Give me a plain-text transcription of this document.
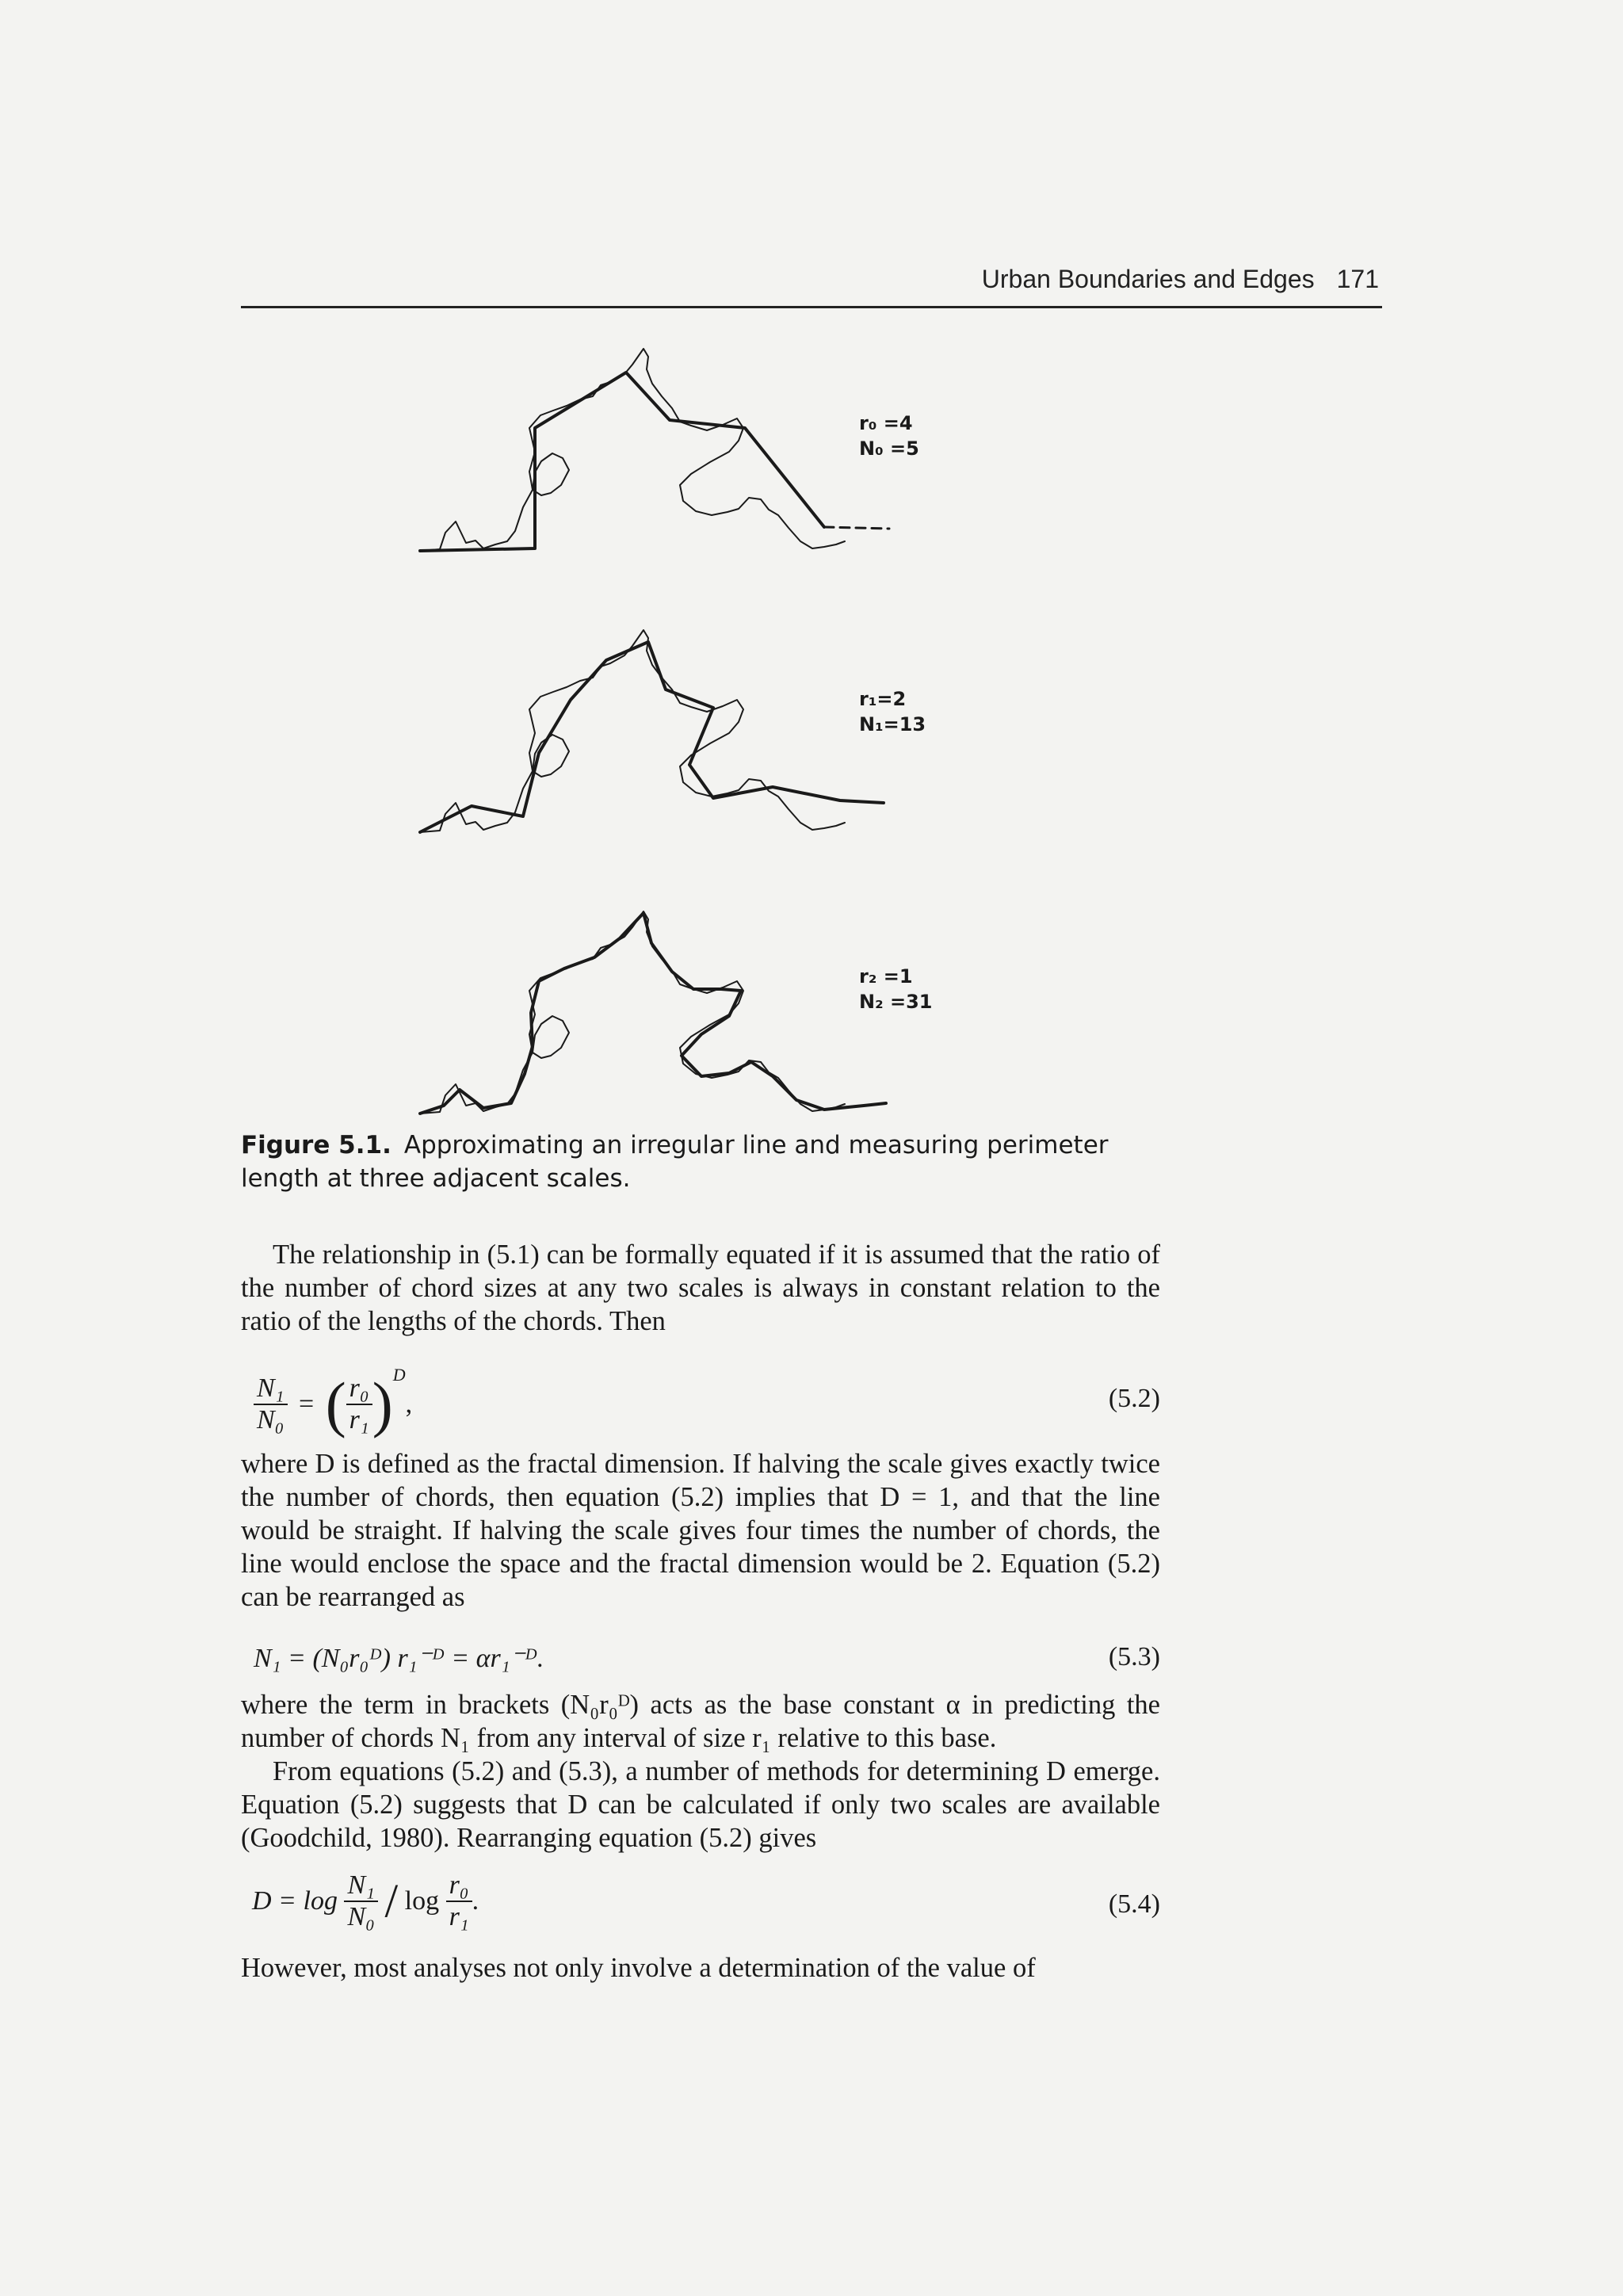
Urban Boundaries and Edges 171
r₀ =4
N₀ =5
r₁=2
N₁=13
r₂ =1
N₂ =31
Figure 5.1. Approximating an irregular line and measuring perimeter length at three adjacent scales.

The relationship in (5.1) can be formally equated if it is assumed that the ratio of the number of chord sizes at any two scales is always in constant relation to the ratio of the lengths of the chords. Then

$\frac{\text{N₁}}{\text{N₀}}$ = ( $\frac{\text{r₀}}{\text{r₁}} )^D$,	(5.2)

where D is defined as the fractal dimension. If halving the scale gives exactly twice the number of chords, then equation (5.2) implies that D = 1, and that the line would be straight. If halving the scale gives four times the number of chords, the line would enclose the space and the fractal dimension would be 2. Equation (5.2) can be rearranged as

N₁ = (N₀r₀ᴰ) r₁⁻ᴰ = αr₁⁻ᴰ.	(5.3)

where the term in brackets (N₀r₀ᴰ) acts as the base constant α in predicting the number of chords N₁ from any interval of size r₁ relative to this base.

From equations (5.2) and (5.3), a number of methods for determining D emerge. Equation (5.2) suggests that D can be calculated if only two scales are available (Goodchild, 1980). Rearranging equation (5.2) gives

$D = \log \frac{\text{N₁}}{\text{N₀}} / \log \frac{\text{r₀}}{\text{r₁}}$ .	(5.4)

However, most analyses not only involve a determination of the value of
